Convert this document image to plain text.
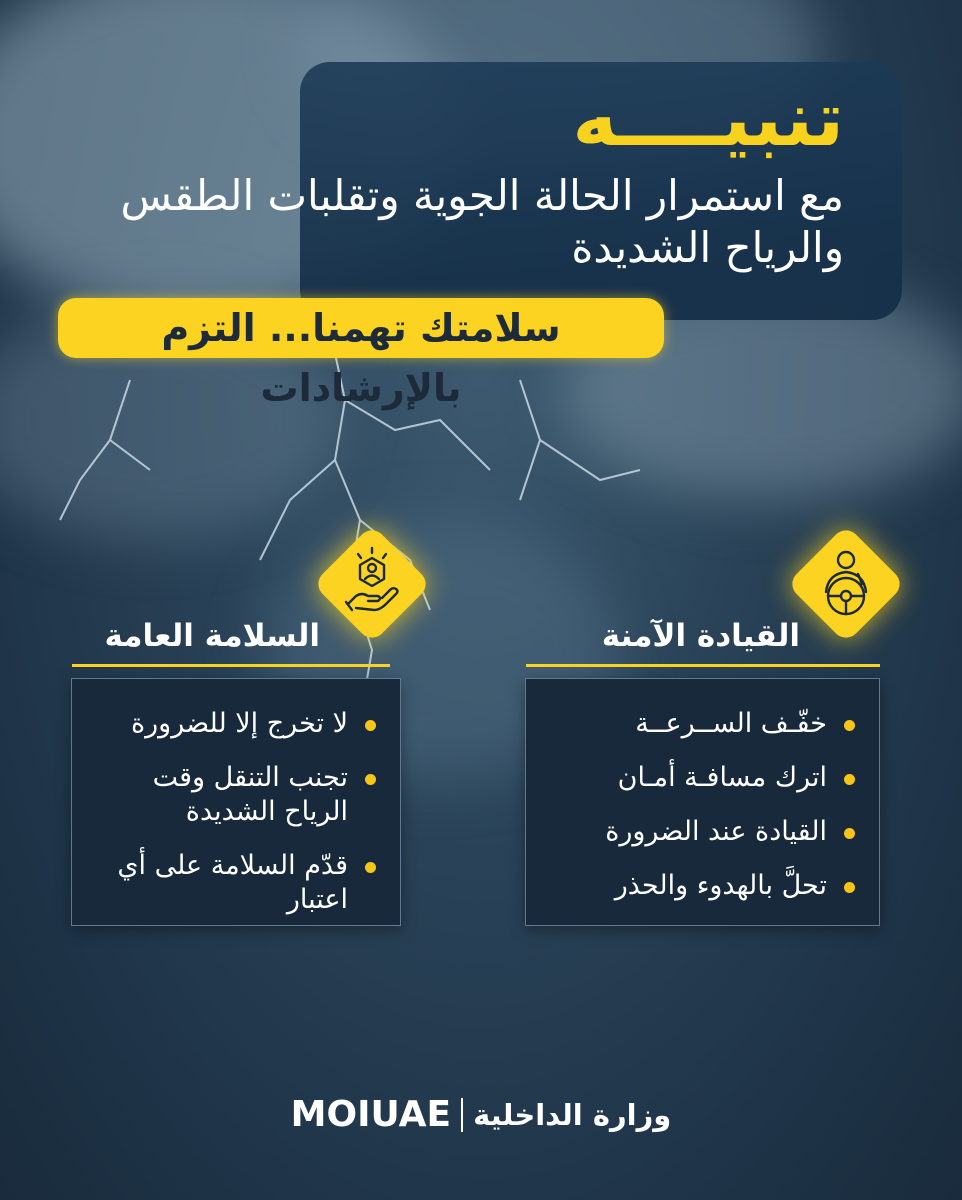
تنبيــــه

مع استمرار الحالة الجوية وتقلبات الطقس والرياح الشديدة

سلامتك تهمنا... التزم بالإرشادات
السلامة العامة
لا تخرج إلا للضرورة
تجنب التنقل وقت الرياح الشديدة
قدّم السلامة على أي اعتبار
القيادة الآمنة
خفّـف الســرعــة
اترك مسافـة أمـان
القيادة عند الضرورة
تحلَّ بالهدوء والحذر
MOIUAE وزارة الداخلية
